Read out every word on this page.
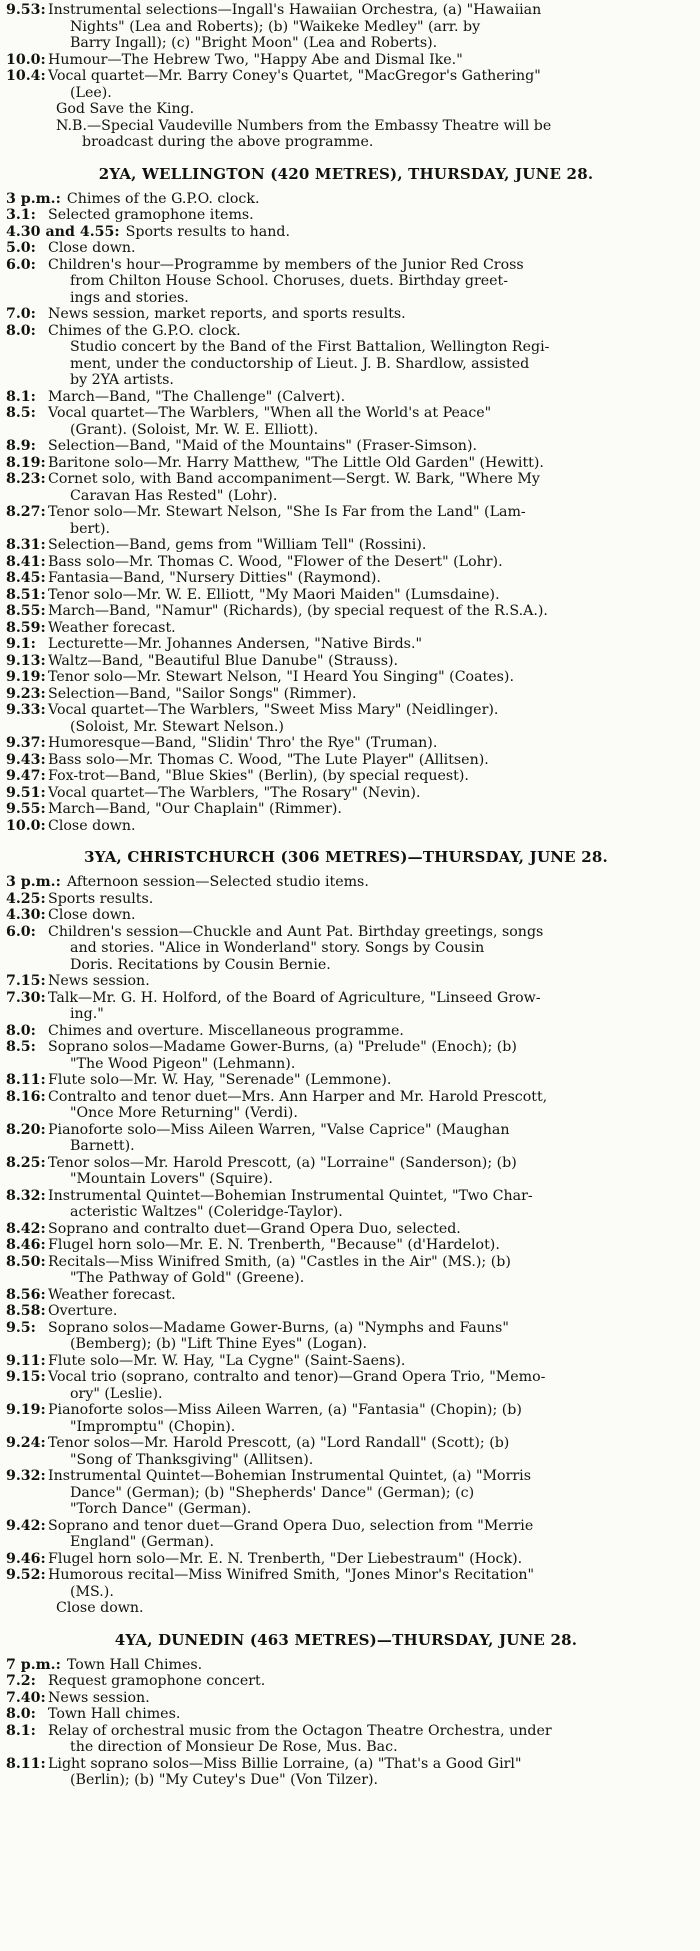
9.53: Instrumental selections—Ingall's Hawaiian Orchestra, (a) "Hawaiian
Nights" (Lea and Roberts); (b) "Waikeke Medley" (arr. by
Barry Ingall); (c) "Bright Moon" (Lea and Roberts).
10.0: Humour—The Hebrew Two, "Happy Abe and Dismal Ike."
10.4: Vocal quartet—Mr. Barry Coney's Quartet, "MacGregor's Gathering"
(Lee).
God Save the King.
N.B.—Special Vaudeville Numbers from the Embassy Theatre will be
broadcast during the above programme.
2YA, WELLINGTON (420 METRES), THURSDAY, JUNE 28.
3 p.m.: Chimes of the G.P.O. clock.
3.1: Selected gramophone items.
4.30 and 4.55: Sports results to hand.
5.0: Close down.
6.0: Children's hour—Programme by members of the Junior Red Cross
from Chilton House School. Choruses, duets. Birthday greet-
ings and stories.
7.0: News session, market reports, and sports results.
8.0: Chimes of the G.P.O. clock.
Studio concert by the Band of the First Battalion, Wellington Regi-
ment, under the conductorship of Lieut. J. B. Shardlow, assisted
by 2YA artists.
8.1: March—Band, "The Challenge" (Calvert).
8.5: Vocal quartet—The Warblers, "When all the World's at Peace"
(Grant). (Soloist, Mr. W. E. Elliott).
8.9: Selection—Band, "Maid of the Mountains" (Fraser-Simson).
8.19: Baritone solo—Mr. Harry Matthew, "The Little Old Garden" (Hewitt).
8.23: Cornet solo, with Band accompaniment—Sergt. W. Bark, "Where My
Caravan Has Rested" (Lohr).
8.27: Tenor solo—Mr. Stewart Nelson, "She Is Far from the Land" (Lam-
bert).
8.31: Selection—Band, gems from "William Tell" (Rossini).
8.41: Bass solo—Mr. Thomas C. Wood, "Flower of the Desert" (Lohr).
8.45: Fantasia—Band, "Nursery Ditties" (Raymond).
8.51: Tenor solo—Mr. W. E. Elliott, "My Maori Maiden" (Lumsdaine).
8.55: March—Band, "Namur" (Richards), (by special request of the R.S.A.).
8.59: Weather forecast.
9.1: Lecturette—Mr. Johannes Andersen, "Native Birds."
9.13: Waltz—Band, "Beautiful Blue Danube" (Strauss).
9.19: Tenor solo—Mr. Stewart Nelson, "I Heard You Singing" (Coates).
9.23: Selection—Band, "Sailor Songs" (Rimmer).
9.33: Vocal quartet—The Warblers, "Sweet Miss Mary" (Neidlinger).
(Soloist, Mr. Stewart Nelson.)
9.37: Humoresque—Band, "Slidin' Thro' the Rye" (Truman).
9.43: Bass solo—Mr. Thomas C. Wood, "The Lute Player" (Allitsen).
9.47: Fox-trot—Band, "Blue Skies" (Berlin), (by special request).
9.51: Vocal quartet—The Warblers, "The Rosary" (Nevin).
9.55: March—Band, "Our Chaplain" (Rimmer).
10.0: Close down.
3YA, CHRISTCHURCH (306 METRES)—THURSDAY, JUNE 28.
3 p.m.: Afternoon session—Selected studio items.
4.25: Sports results.
4.30: Close down.
6.0: Children's session—Chuckle and Aunt Pat. Birthday greetings, songs
and stories. "Alice in Wonderland" story. Songs by Cousin
Doris. Recitations by Cousin Bernie.
7.15: News session.
7.30: Talk—Mr. G. H. Holford, of the Board of Agriculture, "Linseed Grow-
ing."
8.0: Chimes and overture. Miscellaneous programme.
8.5: Soprano solos—Madame Gower-Burns, (a) "Prelude" (Enoch); (b)
"The Wood Pigeon" (Lehmann).
8.11: Flute solo—Mr. W. Hay, "Serenade" (Lemmone).
8.16: Contralto and tenor duet—Mrs. Ann Harper and Mr. Harold Prescott,
"Once More Returning" (Verdi).
8.20: Pianoforte solo—Miss Aileen Warren, "Valse Caprice" (Maughan
Barnett).
8.25: Tenor solos—Mr. Harold Prescott, (a) "Lorraine" (Sanderson); (b)
"Mountain Lovers" (Squire).
8.32: Instrumental Quintet—Bohemian Instrumental Quintet, "Two Char-
acteristic Waltzes" (Coleridge-Taylor).
8.42: Soprano and contralto duet—Grand Opera Duo, selected.
8.46: Flugel horn solo—Mr. E. N. Trenberth, "Because" (d'Hardelot).
8.50: Recitals—Miss Winifred Smith, (a) "Castles in the Air" (MS.); (b)
"The Pathway of Gold" (Greene).
8.56: Weather forecast.
8.58: Overture.
9.5: Soprano solos—Madame Gower-Burns, (a) "Nymphs and Fauns"
(Bemberg); (b) "Lift Thine Eyes" (Logan).
9.11: Flute solo—Mr. W. Hay, "La Cygne" (Saint-Saens).
9.15: Vocal trio (soprano, contralto and tenor)—Grand Opera Trio, "Memo-
ory" (Leslie).
9.19: Pianoforte solos—Miss Aileen Warren, (a) "Fantasia" (Chopin); (b)
"Impromptu" (Chopin).
9.24: Tenor solos—Mr. Harold Prescott, (a) "Lord Randall" (Scott); (b)
"Song of Thanksgiving" (Allitsen).
9.32: Instrumental Quintet—Bohemian Instrumental Quintet, (a) "Morris
Dance" (German); (b) "Shepherds' Dance" (German); (c)
"Torch Dance" (German).
9.42: Soprano and tenor duet—Grand Opera Duo, selection from "Merrie
England" (German).
9.46: Flugel horn solo—Mr. E. N. Trenberth, "Der Liebestraum" (Hock).
9.52: Humorous recital—Miss Winifred Smith, "Jones Minor's Recitation"
(MS.).
Close down.
4YA, DUNEDIN (463 METRES)—THURSDAY, JUNE 28.
7 p.m.: Town Hall Chimes.
7.2: Request gramophone concert.
7.40: News session.
8.0: Town Hall chimes.
8.1: Relay of orchestral music from the Octagon Theatre Orchestra, under
the direction of Monsieur De Rose, Mus. Bac.
8.11: Light soprano solos—Miss Billie Lorraine, (a) "That's a Good Girl"
(Berlin); (b) "My Cutey's Due" (Von Tilzer).
